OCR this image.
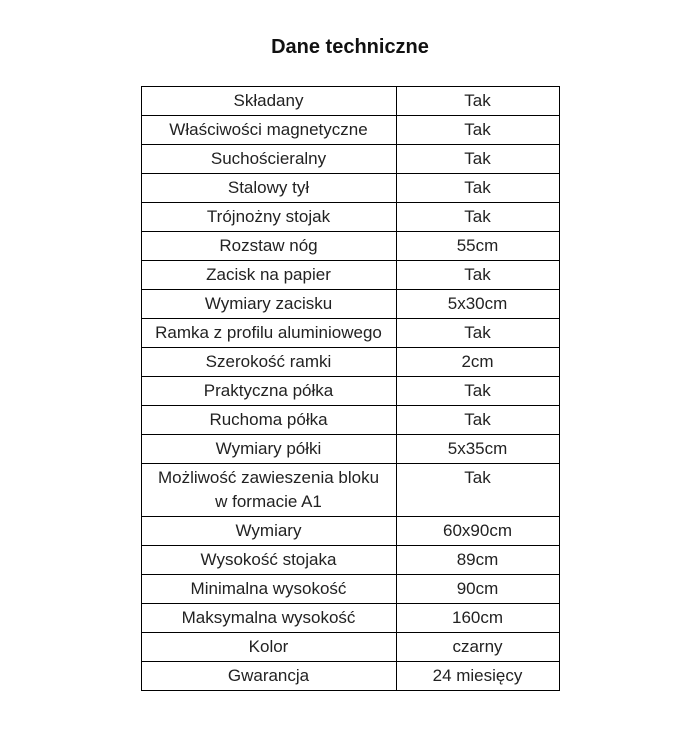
Dane techniczne
Składany	Tak
Właściwości magnetyczne	Tak
Suchościeralny	Tak
Stalowy tył	Tak
Trójnożny stojak	Tak
Rozstaw nóg	55cm
Zacisk na papier	Tak
Wymiary zacisku	5x30cm
Ramka z profilu aluminiowego	Tak
Szerokość ramki	2cm
Praktyczna półka	Tak
Ruchoma półka	Tak
Wymiary półki	5x35cm
Możliwość zawieszenia bloku w formacie A1	Tak
Wymiary	60x90cm
Wysokość stojaka	89cm
Minimalna wysokość	90cm
Maksymalna wysokość	160cm
Kolor	czarny
Gwarancja	24 miesięcy
